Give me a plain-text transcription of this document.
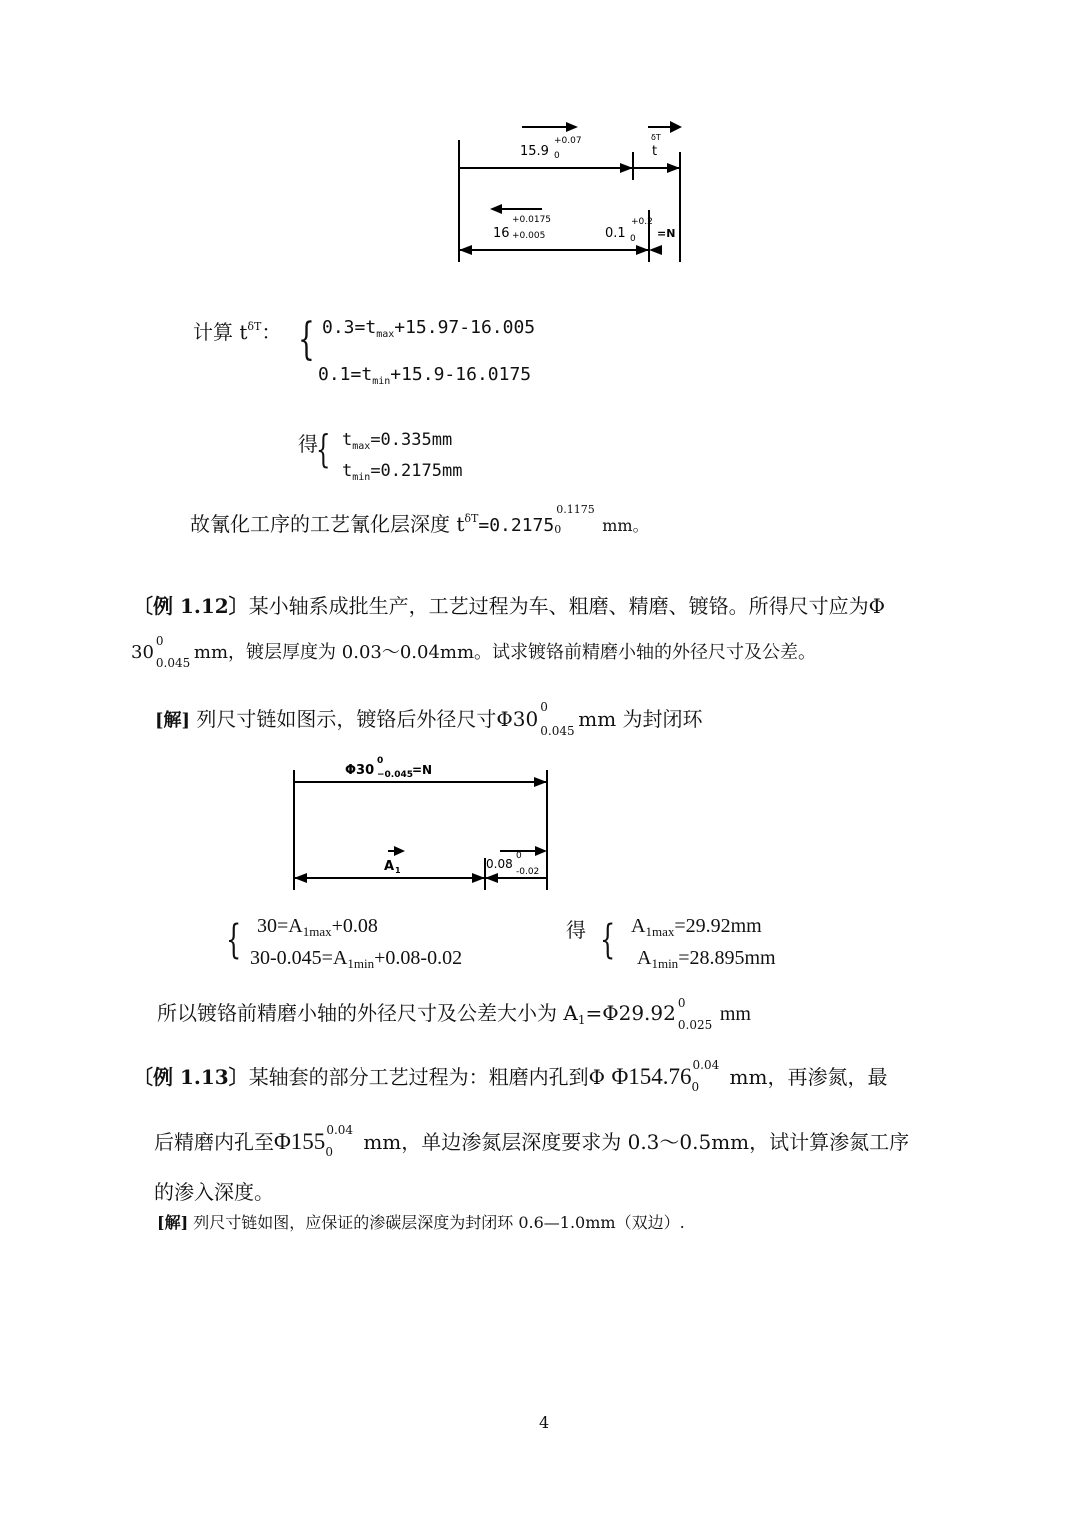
15.9
+0.07
0
δT
t
16
+0.0175
+0.005	0.1
+0.2
0 =N
计算 $t^{\delta T}$： { $0.3=t_{max}+15.97-16.005$
$0.1=t_{min}+15.9-16.0175$
得
{ $t_{max}=0.335mm$
$t_{min}=0.2175mm$
故氰化工序的工艺氰化层深度 $t^{\delta T}=0.2175$
0.1175
0	mm。
〔例 1.12〕某小轴系成批生产，工艺过程为车、粗磨、精磨、镀铬。所得尺寸应为Φ
30
0
0.045 mm，镀层厚度为 0.03～0.04mm。试求镀铬前精磨小轴的外径尺寸及公差。
[解] 列尺寸链如图示，镀铬后外径尺寸Φ30 0
0.045 mm 为封闭环
Φ30
0
−0.045
=N
A 1	0.08
0
-0.02
{ $30=A_{1max}+0.08$
$30-0.045=A_{1min}+0.08-0.02$
得 { $A_{1max}=29.92mm$
$A_{1min}=28.895mm$
所以镀铬前精磨小轴的外径尺寸及公差大小为 $A_1=\Phi 29.92$ 0
0.025 mm
〔例 1.13〕某轴套的部分工艺过程为：粗磨内孔到Φ Φ154.76 0.04
0 mm，再渗氮，最
后精磨内孔至Φ155 0.04
0 mm，单边渗氮层深度要求为 0.3～0.5mm，试计算渗氮工序
的渗入深度。
[解] 列尺寸链如图，应保证的渗碳层深度为封闭环 0.6—1.0mm（双边）.
4
